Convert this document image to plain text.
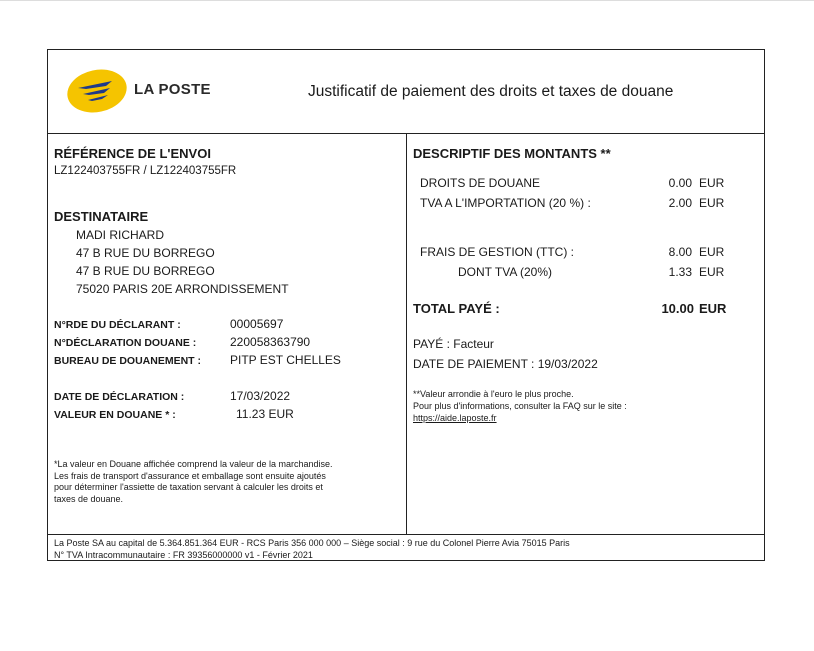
LA POSTE	Justificatif de paiement des droits et taxes de douane
RÉFÉRENCE DE L'ENVOI
LZ122403755FR / LZ122403755FR
DESTINATAIRE
MADI RICHARD
47 B RUE DU BORREGO
47 B RUE DU BORREGO
75020 PARIS 20E ARRONDISSEMENT
N°RDE DU DÉCLARANT :	00005697
N°DÉCLARATION DOUANE :	220058363790
BUREAU DE DOUANEMENT : PITP EST CHELLES
DATE DE DÉCLARATION :	17/03/2022
VALEUR EN DOUANE * :	11.23 EUR
*La valeur en Douane affichée comprend la valeur de la marchandise. Les frais de transport d'assurance et emballage sont ensuite ajoutés pour déterminer l'assiette de taxation servant à calculer les droits et taxes de douane.
DESCRIPTIF DES MONTANTS **
DROITS DE DOUANE	0.00 EUR
TVA A L'IMPORTATION (20 %) :	2.00 EUR
FRAIS DE GESTION (TTC) :	8.00 EUR
DONT TVA (20%)	1.33 EUR
TOTAL PAYÉ :	10.00 EUR
PAYÉ : Facteur
DATE DE PAIEMENT : 19/03/2022
**Valeur arrondie à l'euro le plus proche.
Pour plus d'informations, consulter la FAQ sur le site :
https://aide.laposte.fr
La Poste SA au capital de 5.364.851.364 EUR - RCS Paris 356 000 000 – Siège social : 9 rue du Colonel Pierre Avia 75015 Paris
N° TVA Intracommunautaire : FR 39356000000 v1 - Février 2021
